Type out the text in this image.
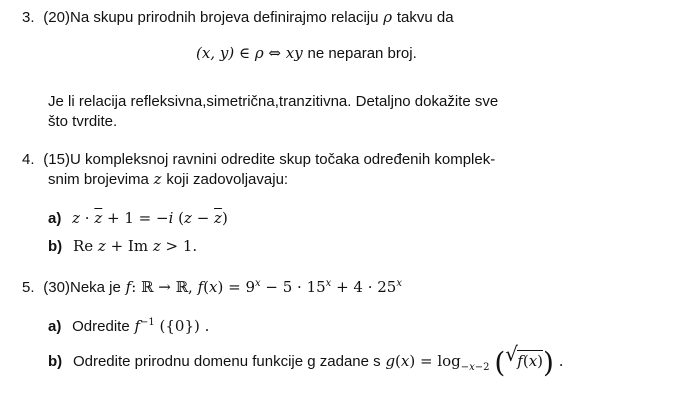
3. (20)Na skupu prirodnih brojeva definirajmo relaciju ρ takvu da
(x, y) ∈ ρ ⇔ xy ne neparan broj.
Je li relacija refleksivna,simetrična,tranzitivna. Detaljno dokažite sve
što tvrdite.
4. (15)U kompleksnoj ravnini odredite skup točaka određenih komplek-
snim brojevima z koji zadovoljavaju:
a) $z \cdot \overline{z} + 1 = -i$ $(z - \overline{z})$
b) Re z + Im z > 1.
5. (30)Neka je f: ℝ → ℝ, $f(x) = 9^x - 5 \cdot 15^x + 4 \cdot 25^x$
a) Odredite $f^{-1}$ ({0}) .
b) Odredite prirodnu domenu funkcije g zadane s $g(x) = \log_{-x-2}$ ( √ f(x)) .
